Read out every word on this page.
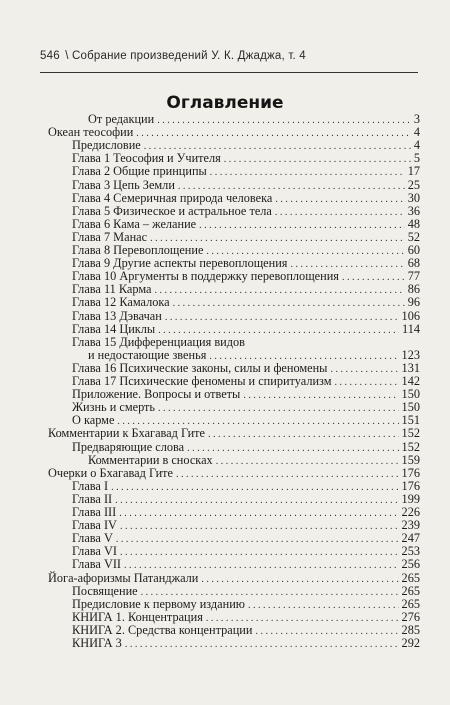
546 \ Собрание произведений У. К. Джаджа, т. 4
Оглавление
От редакции . . .	3
Океан теософии . . .	4
Предисловие . . .	4
Глава 1 Теософия и Учителя . . .	5
Глава 2 Общие принципы . . .	17
Глава 3 Цепь Земли . . .	25
Глава 4 Семеричная природа человека . . .	30
Глава 5 Физическое и астральное тела . . .	36
Глава 6 Кама – желание . . .	48
Глава 7 Манас . . .	52
Глава 8 Перевоплощение . . .	60
Глава 9 Другие аспекты перевоплощения . . .	68
Глава 10 Аргументы в поддержку перевоплощения . . .	77
Глава 11 Карма . . .	86
Глава 12 Камалока . . .	96
Глава 13 Дэвачан . . .	106
Глава 14 Циклы . . .	114
Глава 15 Дифференциация видов
и недостающие звенья . . .	123
Глава 16 Психические законы, силы и феномены . . .	131
Глава 17 Психические феномены и спиритуализм . . .	142
Приложение. Вопросы и ответы . . .	150
Жизнь и смерть . . .	150
О карме . . .	151
Комментарии к Бхагавад Гите . . .	152
Предваряющие слова . . .	152
Комментарии в сносках . . .	159
Очерки о Бхагавад Гите . . .	176
Глава I . . .	176
Глава II . . .	199
Глава III . . .	226
Глава IV . . .	239
Глава V . . .	247
Глава VI . . .	253
Глава VII . . .	256
Йога-афоризмы Патанджали . . .	265
Посвящение . . .	265
Предисловие к первому изданию . . .	265
КНИГА 1. Концентрация . . .	276
КНИГА 2. Средства концентрации . . .	285
КНИГА 3 . . .	292
